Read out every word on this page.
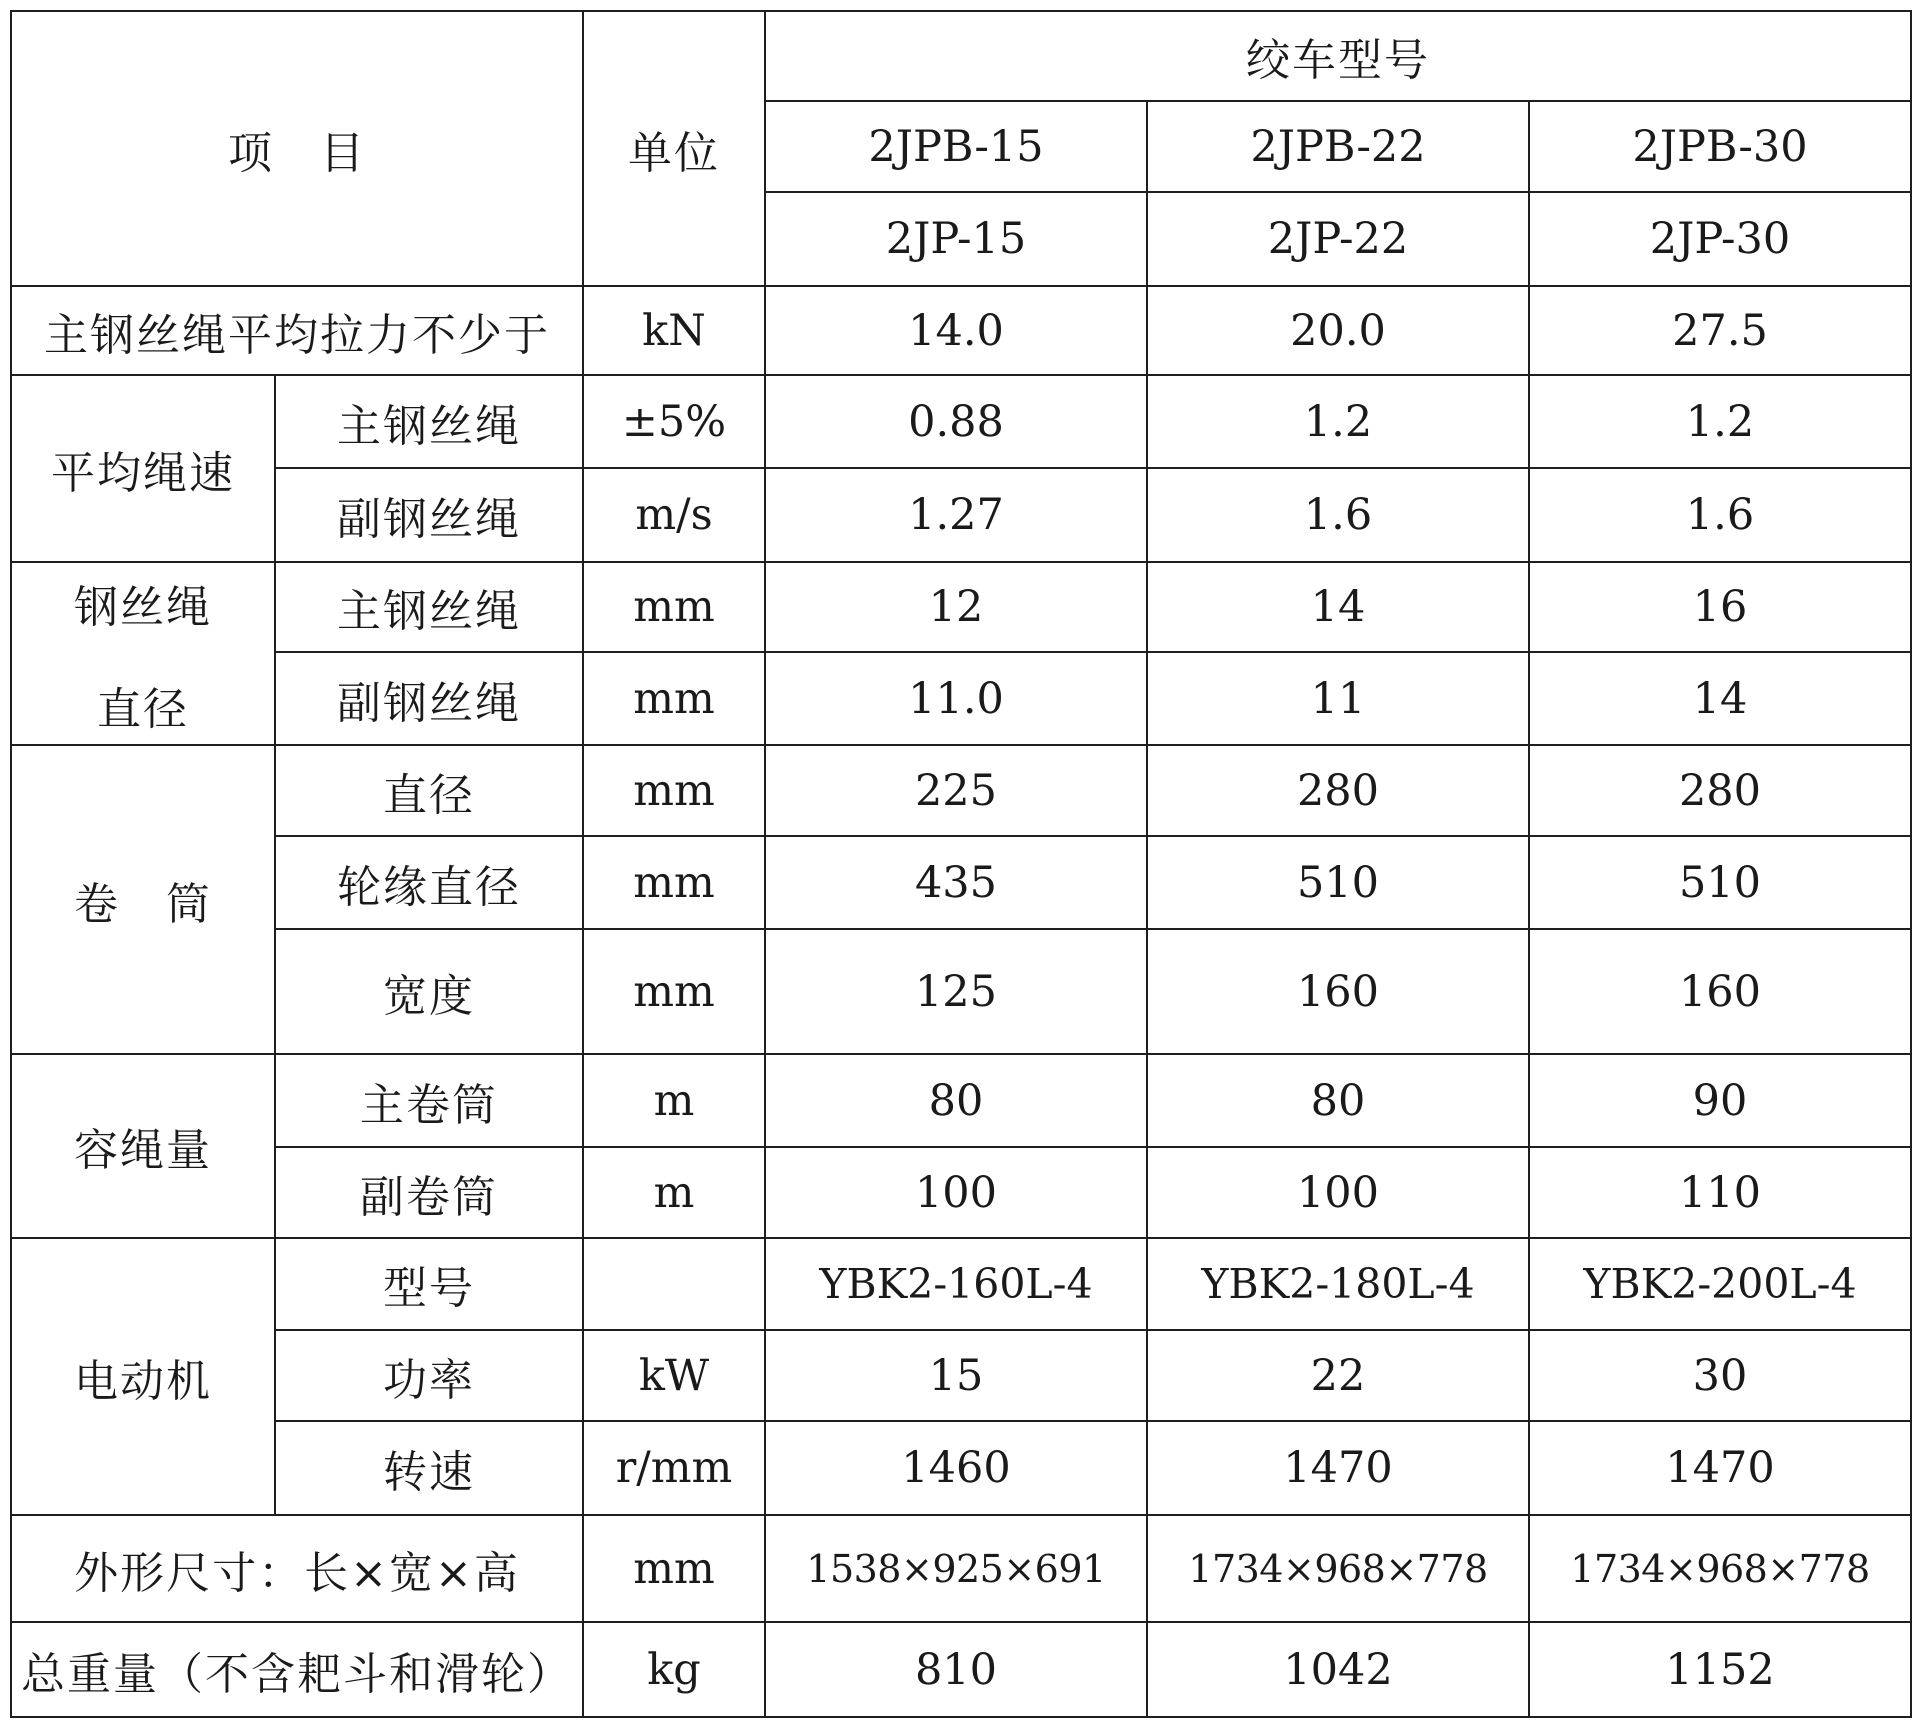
项　目		单位	绞车型号		
			2JPB-15	2JPB-22	2JPB-30
			2JP-15	2JP-22	2JP-30
主钢丝绳平均拉力不少于		kN	14.0	20.0	27.5
平均绳速	主钢丝绳	±5%	0.88	1.2	1.2
	副钢丝绳	m/s	1.27	1.6	1.6

钢丝绳
直径	主钢丝绳	mm	12	14	16
	副钢丝绳	mm	11.0	11	14
卷　筒	直径	mm	225	280	280
	轮缘直径	mm	435	510	510
	宽度	mm	125	160	160
容绳量	主卷筒	m	80	80	90
	副卷筒	m	100	100	110
电动机	型号		YBK2-160L-4	YBK2-180L-4	YBK2-200L-4
	功率	kW	15	22	30
	转速	r/mm	1460	1470	1470
外形尺寸：长×宽×高		mm	1538×925×691	1734×968×778	1734×968×778
总重量（不含耙斗和滑轮）		kg	810	1042	1152
